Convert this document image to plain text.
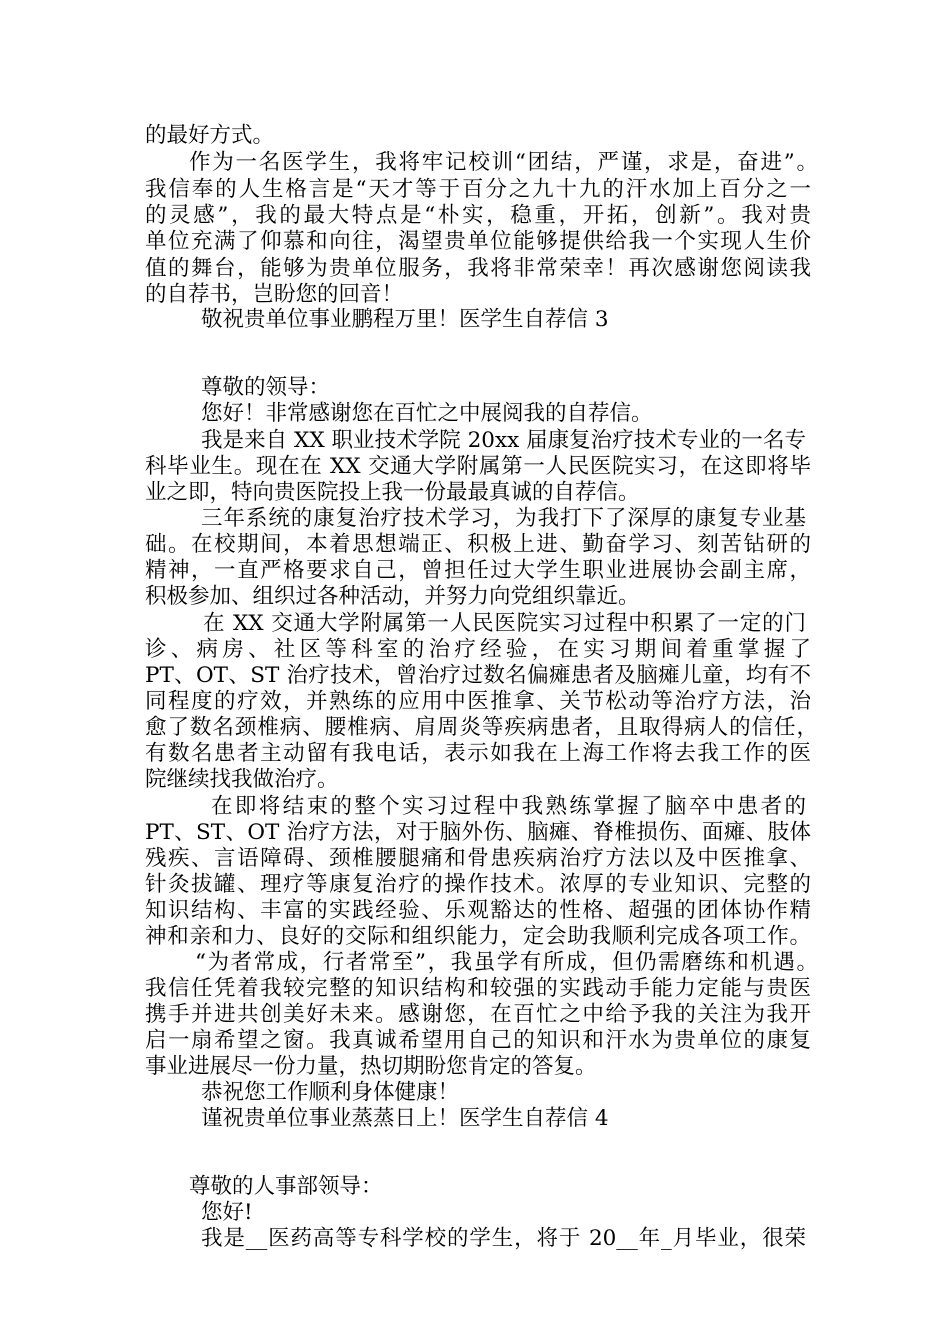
的最好方式。
作为一名医学生，我将牢记校训“团结，严谨，求是，奋进”。
我信奉的人生格言是“天才等于百分之九十九的汗水加上百分之一
的灵感”，我的最大特点是“朴实，稳重，开拓，创新”。我对贵
单位充满了仰慕和向往，渴望贵单位能够提供给我一个实现人生价
值的舞台，能够为贵单位服务，我将非常荣幸！再次感谢您阅读我
的自荐书，岂盼您的回音！
敬祝贵单位事业鹏程万里！医学生自荐信 3
尊敬的领导：
您好！非常感谢您在百忙之中展阅我的自荐信。
我是来自 XX 职业技术学院 20xx 届康复治疗技术专业的一名专
科毕业生。现在在 XX 交通大学附属第一人民医院实习，在这即将毕
业之即，特向贵医院投上我一份最最真诚的自荐信。
三年系统的康复治疗技术学习，为我打下了深厚的康复专业基
础。在校期间，本着思想端正、积极上进、勤奋学习、刻苦钻研的
精神，一直严格要求自己，曾担任过大学生职业进展协会副主席，
积极参加、组织过各种活动，并努力向党组织靠近。
在 XX 交通大学附属第一人民医院实习过程中积累了一定的门
诊、病房、社区等科室的治疗经验，在实习期间着重掌握了
PT、OT、ST 治疗技术，曾治疗过数名偏瘫患者及脑瘫儿童，均有不
同程度的疗效，并熟练的应用中医推拿、关节松动等治疗方法，治
愈了数名颈椎病、腰椎病、肩周炎等疾病患者，且取得病人的信任，
有数名患者主动留有我电话，表示如我在上海工作将去我工作的医
院继续找我做治疗。
在即将结束的整个实习过程中我熟练掌握了脑卒中患者的
PT、ST、OT 治疗方法，对于脑外伤、脑瘫、脊椎损伤、面瘫、肢体
残疾、言语障碍、颈椎腰腿痛和骨患疾病治疗方法以及中医推拿、
针灸拔罐、理疗等康复治疗的操作技术。浓厚的专业知识、完整的
知识结构、丰富的实践经验、乐观豁达的性格、超强的团体协作精
神和亲和力、良好的交际和组织能力，定会助我顺利完成各项工作。
“为者常成，行者常至”，我虽学有所成，但仍需磨练和机遇。
我信任凭着我较完整的知识结构和较强的实践动手能力定能与贵医
携手并进共创美好未来。感谢您，在百忙之中给予我的关注为我开
启一扇希望之窗。我真诚希望用自己的知识和汗水为贵单位的康复
事业进展尽一份力量，热切期盼您肯定的答复。
恭祝您工作顺利身体健康！
谨祝贵单位事业蒸蒸日上！医学生自荐信 4
尊敬的人事部领导：
您好!
我是__医药高等专科学校的学生，将于 20__年_月毕业，很荣
